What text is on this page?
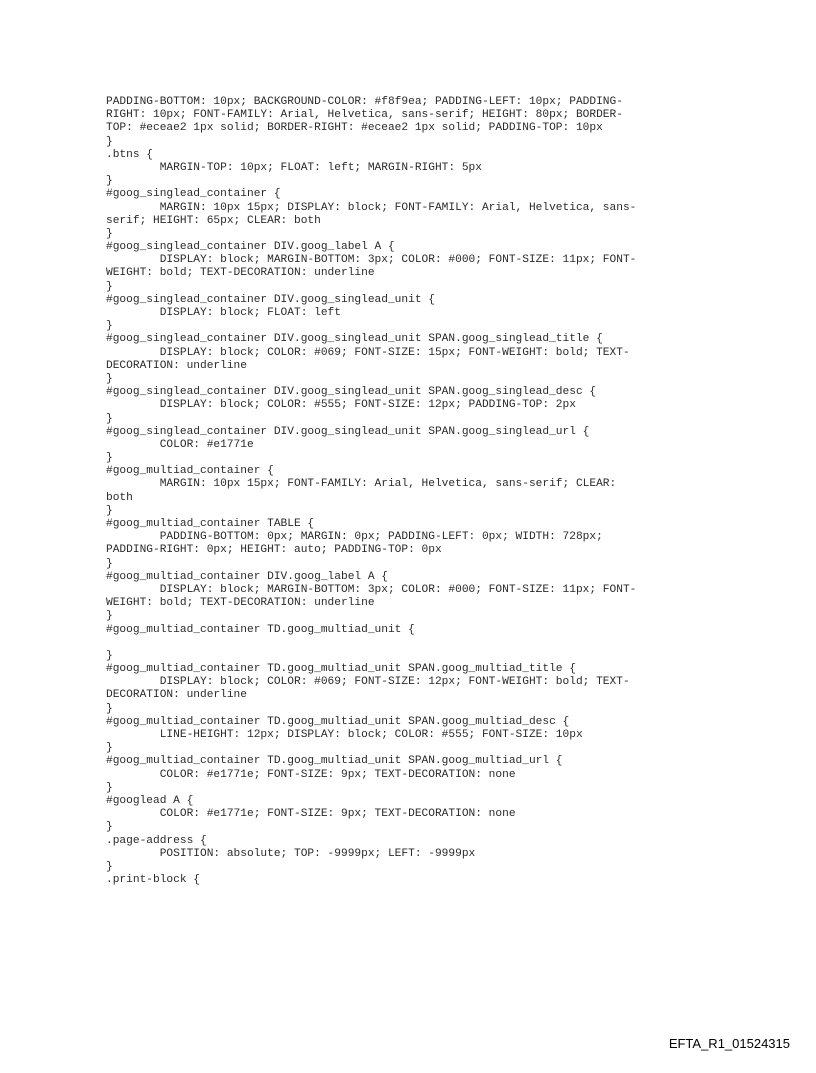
PADDING-BOTTOM: 10px; BACKGROUND-COLOR: #f8f9ea; PADDING-LEFT: 10px; PADDING-
RIGHT: 10px; FONT-FAMILY: Arial, Helvetica, sans-serif; HEIGHT: 80px; BORDER-
TOP: #eceae2 1px solid; BORDER-RIGHT: #eceae2 1px solid; PADDING-TOP: 10px
}
.btns {
MARGIN-TOP: 10px; FLOAT: left; MARGIN-RIGHT: 5px
}
#goog_singlead_container {
MARGIN: 10px 15px; DISPLAY: block; FONT-FAMILY: Arial, Helvetica, sans-
serif; HEIGHT: 65px; CLEAR: both
}
#goog_singlead_container DIV.goog_label A {
DISPLAY: block; MARGIN-BOTTOM: 3px; COLOR: #000; FONT-SIZE: 11px; FONT-
WEIGHT: bold; TEXT-DECORATION: underline
}
#goog_singlead_container DIV.goog_singlead_unit {
DISPLAY: block; FLOAT: left
}
#goog_singlead_container DIV.goog_singlead_unit SPAN.goog_singlead_title {
DISPLAY: block; COLOR: #069; FONT-SIZE: 15px; FONT-WEIGHT: bold; TEXT-
DECORATION: underline
}
#goog_singlead_container DIV.goog_singlead_unit SPAN.goog_singlead_desc {
DISPLAY: block; COLOR: #555; FONT-SIZE: 12px; PADDING-TOP: 2px
}
#goog_singlead_container DIV.goog_singlead_unit SPAN.goog_singlead_url {
COLOR: #e1771e
}
#goog_multiad_container {
MARGIN: 10px 15px; FONT-FAMILY: Arial, Helvetica, sans-serif; CLEAR:
both
}
#goog_multiad_container TABLE {
PADDING-BOTTOM: 0px; MARGIN: 0px; PADDING-LEFT: 0px; WIDTH: 728px;
PADDING-RIGHT: 0px; HEIGHT: auto; PADDING-TOP: 0px
}
#goog_multiad_container DIV.goog_label A {
DISPLAY: block; MARGIN-BOTTOM: 3px; COLOR: #000; FONT-SIZE: 11px; FONT-
WEIGHT: bold; TEXT-DECORATION: underline
}
#goog_multiad_container TD.goog_multiad_unit {
}
#goog_multiad_container TD.goog_multiad_unit SPAN.goog_multiad_title {
DISPLAY: block; COLOR: #069; FONT-SIZE: 12px; FONT-WEIGHT: bold; TEXT-
DECORATION: underline
}
#goog_multiad_container TD.goog_multiad_unit SPAN.goog_multiad_desc {
LINE-HEIGHT: 12px; DISPLAY: block; COLOR: #555; FONT-SIZE: 10px
}
#goog_multiad_container TD.goog_multiad_unit SPAN.goog_multiad_url {
COLOR: #e1771e; FONT-SIZE: 9px; TEXT-DECORATION: none
}
#googlead A {
COLOR: #e1771e; FONT-SIZE: 9px; TEXT-DECORATION: none
}
.page-address {
POSITION: absolute; TOP: -9999px; LEFT: -9999px
}
.print-block {
EFTA_R1_01524315
